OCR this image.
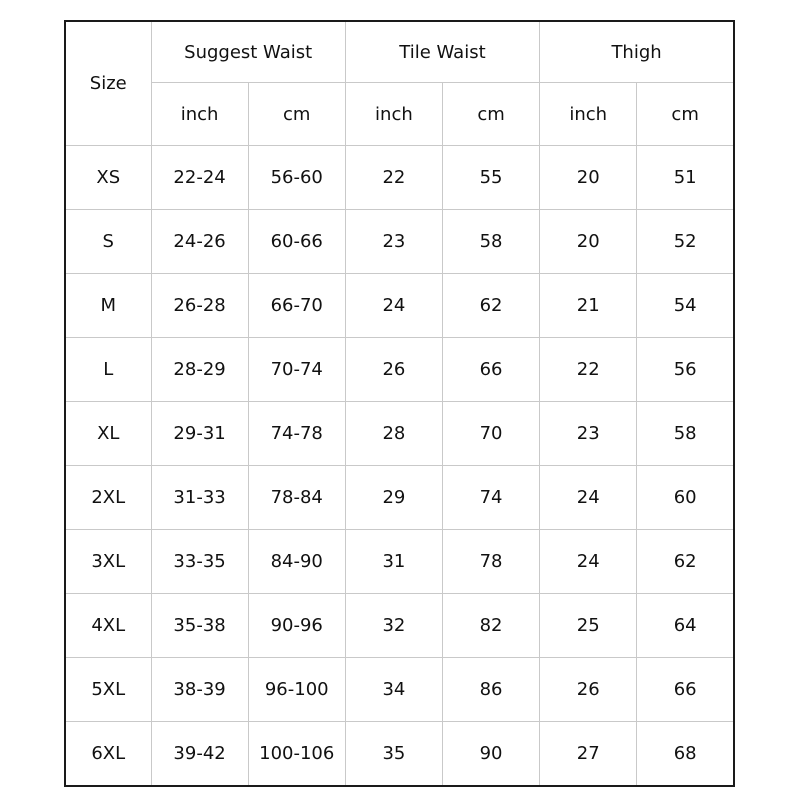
Size	Suggest Waist		Tile Waist		Thigh	
	inch	cm	inch	cm	inch	cm
XS	22-24	56-60	22	55	20	51
S	24-26	60-66	23	58	20	52
M	26-28	66-70	24	62	21	54
L	28-29	70-74	26	66	22	56
XL	29-31	74-78	28	70	23	58
2XL	31-33	78-84	29	74	24	60
3XL	33-35	84-90	31	78	24	62
4XL	35-38	90-96	32	82	25	64
5XL	38-39	96-100	34	86	26	66
6XL	39-42	100-106	35	90	27	68
